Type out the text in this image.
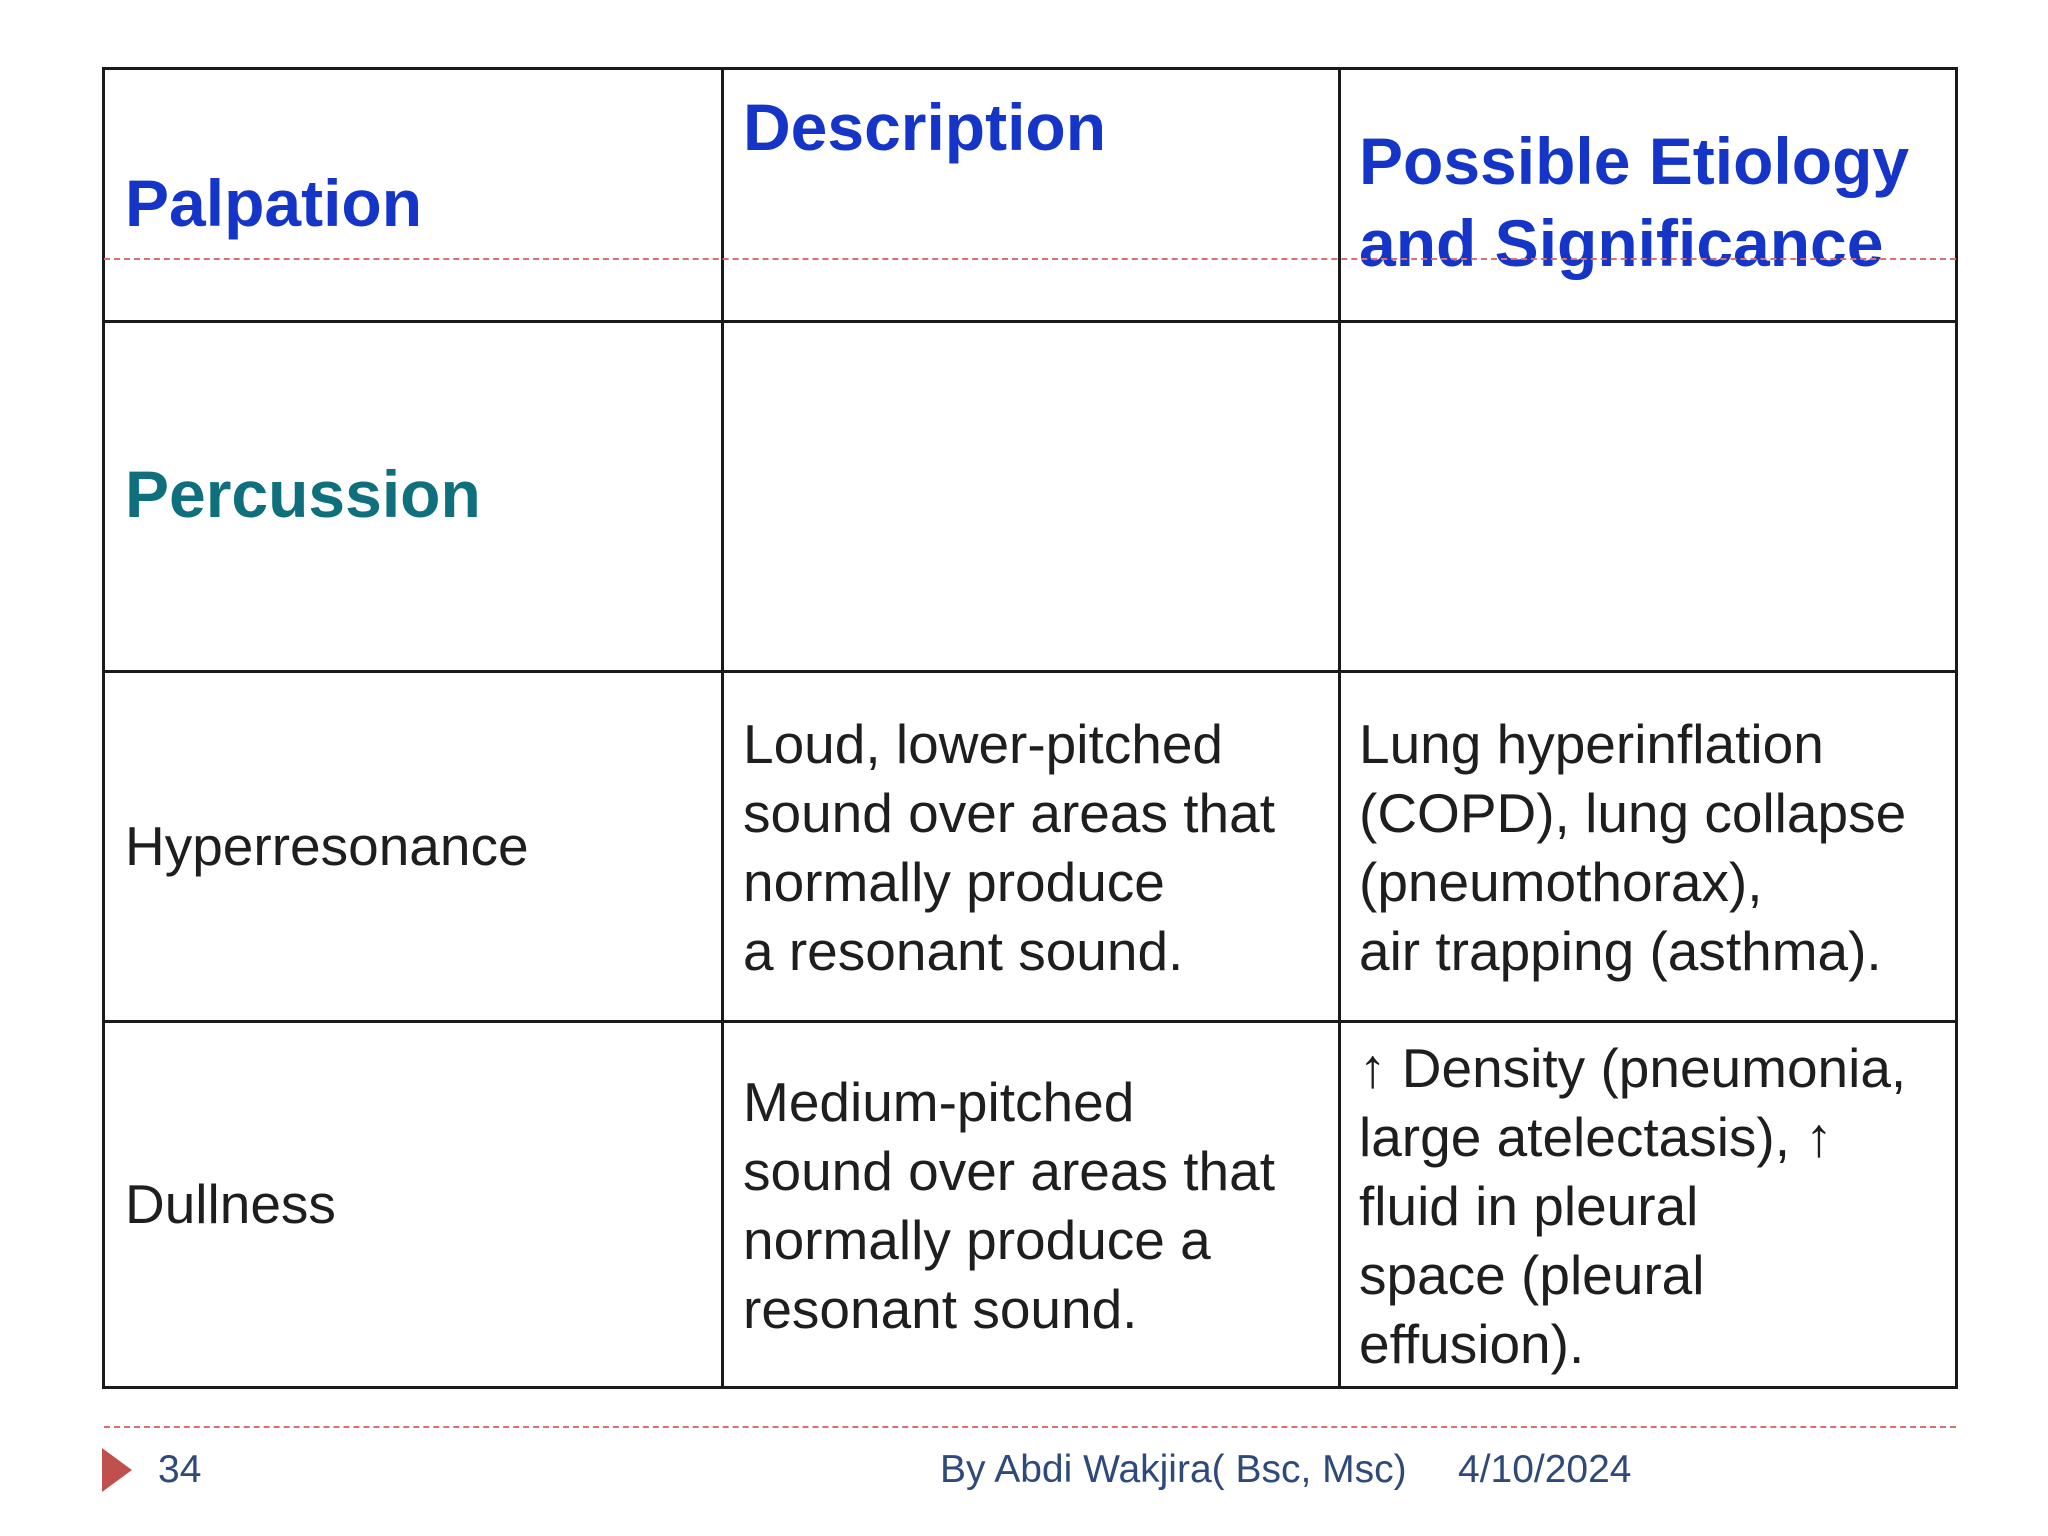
Palpation
Description	Possible Etiology
and Significance
Percussion
Hyperresonance
Loud, lower-pitched
sound over areas that
normally produce
a resonant sound.
Lung hyperinflation
(COPD), lung collapse
(pneumothorax),
air trapping (asthma).
Dullness
Medium-pitched
sound over areas that
normally produce a
resonant sound.
↑ Density (pneumonia,
large atelectasis), ↑
fluid in pleural
space (pleural
effusion).
34	By Abdi Wakjira( Bsc, Msc) 4/10/2024
